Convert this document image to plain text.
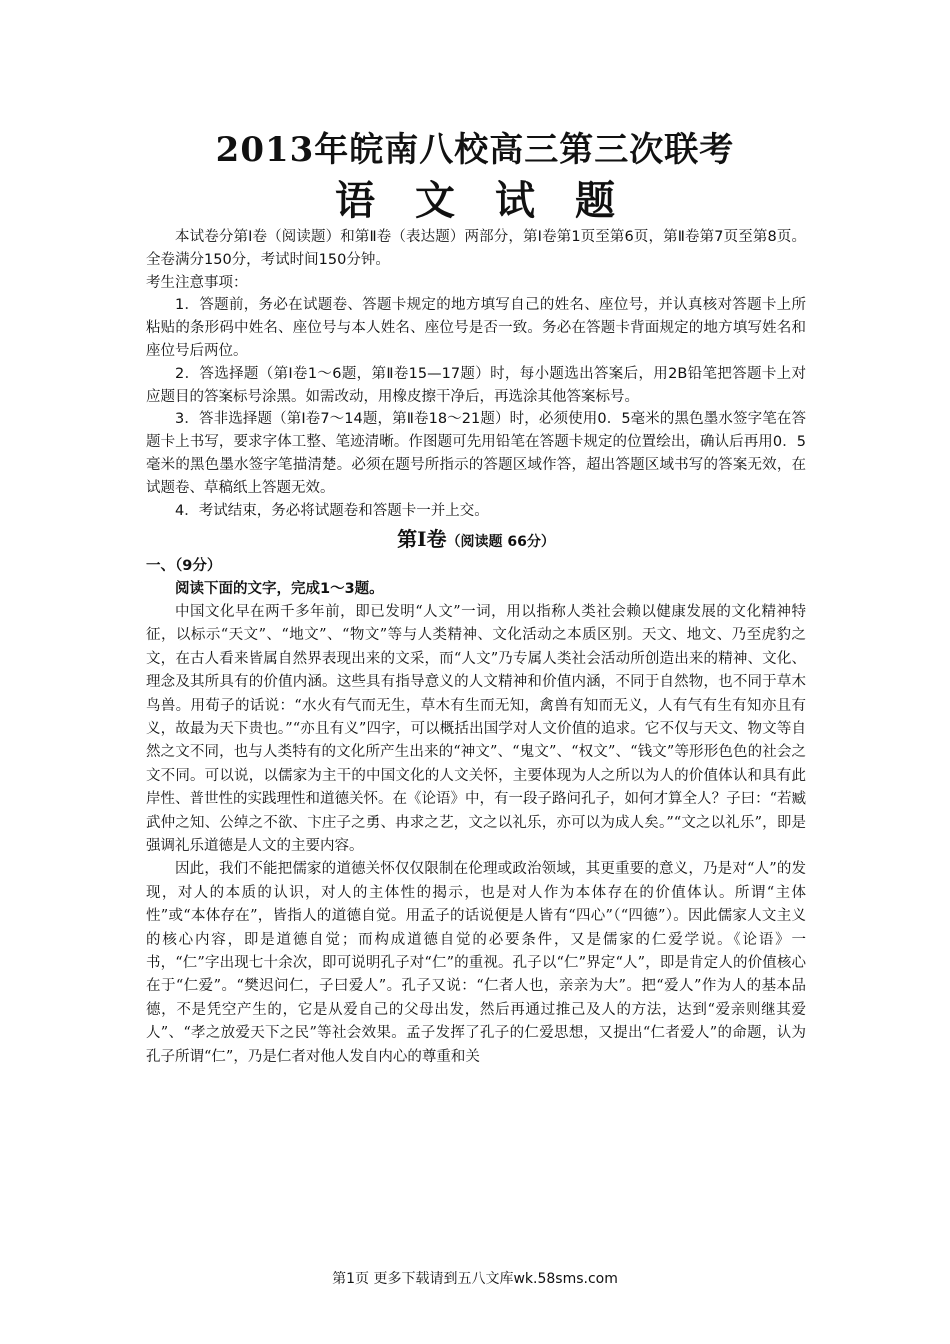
2013年皖南八校高三第三次联考
语　文　试　题

本试卷分第Ⅰ卷（阅读题）和第Ⅱ卷（表达题）两部分，第Ⅰ卷第1页至第6页，第Ⅱ卷第7页至第8页。全卷满分150分，考试时间150分钟。

考生注意事项：

1．答题前，务必在试题卷、答题卡规定的地方填写自己的姓名、座位号，并认真核对答题卡上所粘贴的条形码中姓名、座位号与本人姓名、座位号是否一致。务必在答题卡背面规定的地方填写姓名和座位号后两位。

2．答选择题（第Ⅰ卷1～6题，第Ⅱ卷15—17题）时，每小题选出答案后，用2B铅笔把答题卡上对应题目的答案标号涂黑。如需改动，用橡皮擦干净后，再选涂其他答案标号。

3．答非选择题（第Ⅰ卷7～14题，第Ⅱ卷18～21题）时，必须使用0．5毫米的黑色墨水签字笔在答题卡上书写，要求字体工整、笔迹清晰。作图题可先用铅笔在答题卡规定的位置绘出，确认后再用0．5毫米的黑色墨水签字笔描清楚。必须在题号所指示的答题区域作答，超出答题区域书写的答案无效，在试题卷、草稿纸上答题无效。

4．考试结束，务必将试题卷和答题卡一并上交。

第Ⅰ卷（阅读题 66分）

一、（9分）

阅读下面的文字，完成1～3题。

中国文化早在两千多年前，即已发明“人文”一词，用以指称人类社会赖以健康发展的文化精神特征，以标示“天文”、“地文”、“物文”等与人类精神、文化活动之本质区别。天文、地文、乃至虎豹之文，在古人看来皆属自然界表现出来的文采，而“人文”乃专属人类社会活动所创造出来的精神、文化、理念及其所具有的价值内涵。这些具有指导意义的人文精神和价值内涵，不同于自然物，也不同于草木鸟兽。用荀子的话说：“水火有气而无生，草木有生而无知，禽兽有知而无义，人有气有生有知亦且有义，故最为天下贵也。”“亦且有义”四字，可以概括出国学对人文价值的追求。它不仅与天文、物文等自然之文不同，也与人类特有的文化所产生出来的“神文”、“鬼文”、“权文”、“钱文”等形形色色的社会之文不同。可以说，以儒家为主干的中国文化的人文关怀，主要体现为人之所以为人的价值体认和具有此岸性、普世性的实践理性和道德关怀。在《论语》中，有一段子路问孔子，如何才算全人？子曰：“若臧武仲之知、公绰之不欲、卞庄子之勇、冉求之艺，文之以礼乐，亦可以为成人矣。”“文之以礼乐”，即是强调礼乐道德是人文的主要内容。

因此，我们不能把儒家的道德关怀仅仅限制在伦理或政治领域，其更重要的意义，乃是对“人”的发现，对人的本质的认识，对人的主体性的揭示，也是对人作为本体存在的价值体认。所谓“主体性”或“本体存在”，皆指人的道德自觉。用孟子的话说便是人皆有“四心”（“四德”）。因此儒家人文主义的核心内容，即是道德自觉；而构成道德自觉的必要条件，又是儒家的仁爱学说。《论语》一书，“仁”字出现七十余次，即可说明孔子对“仁”的重视。孔子以“仁”界定“人”，即是肯定人的价值核心在于“仁爱”。“樊迟问仁，子曰爱人”。孔子又说：“仁者人也，亲亲为大”。把“爱人”作为人的基本品德，不是凭空产生的，它是从爱自己的父母出发，然后再通过推己及人的方法，达到“爱亲则继其爱人”、“孝之放爱天下之民”等社会效果。孟子发挥了孔子的仁爱思想，又提出“仁者爱人”的命题，认为孔子所谓“仁”，乃是仁者对他人发自内心的尊重和关

第1页 更多下载请到五八文库wk.58sms.com
